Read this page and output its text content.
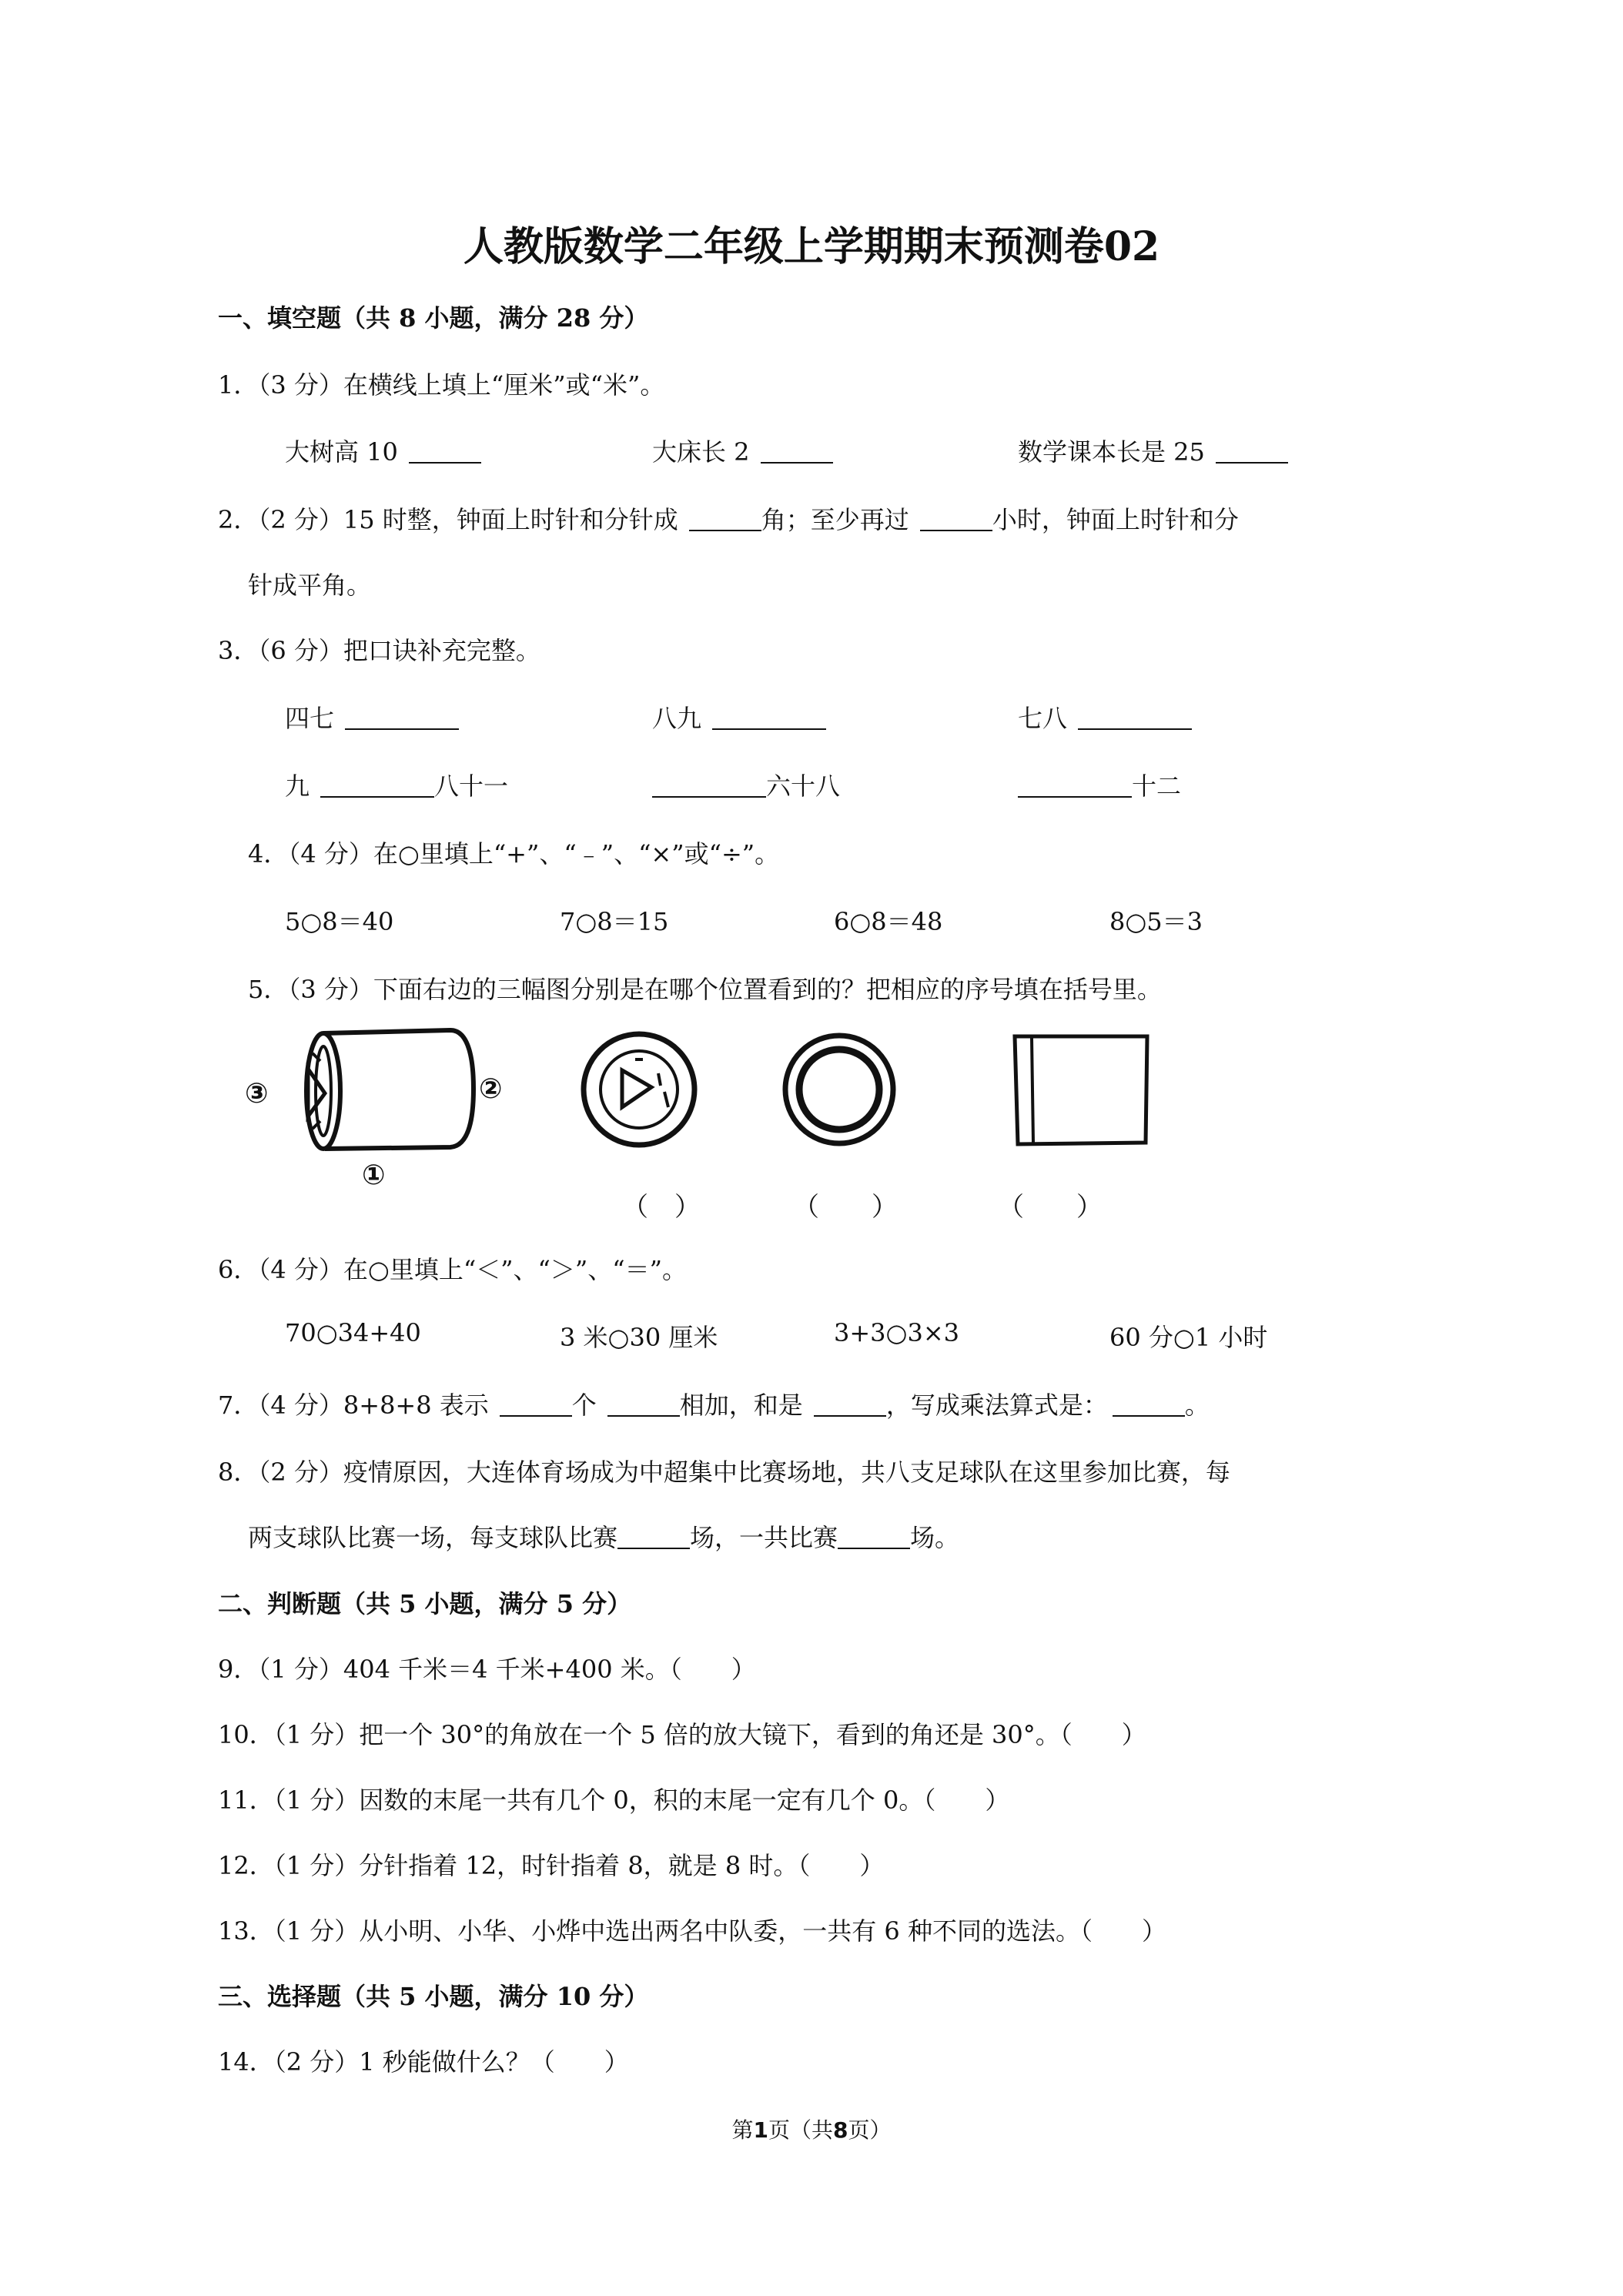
人教版数学二年级上学期期末预测卷02
一、填空题（共 8 小题，满分 28 分）
1．（3 分）在横线上填上“厘米”或“米”。
大树高 10	大床长 2	数学课本长是 25
2．（2 分）15 时整，钟面上时针和分针成	角；至少再过	小时，钟面上时针和分
针成平角。
3．（6 分）把口诀补充完整。
四七	八九	七八
九	八十一	六十八	十二
4．（4 分）在○里填上“+”、“﹣”、“×”或“÷”。
5○8＝40	7○8＝15	6○8＝48	8○5＝3
5．（3 分）下面右边的三幅图分别是在哪个位置看到的？把相应的序号填在括号里。
③	②
①
（　）	（　　）	（　　）
6．（4 分）在○里填上“＜”、“＞”、“＝”。
70○34+40	3 米○30 厘米	3+3○3×3	60 分○1 小时
7．（4 分）8+8+8 表示	个	相加，和是	，写成乘法算式是：	。
8．（2 分）疫情原因，大连体育场成为中超集中比赛场地，共八支足球队在这里参加比赛，每
两支球队比赛一场，每支球队比赛	场，一共比赛	场。
二、判断题（共 5 小题，满分 5 分）
9．（1 分）404 千米＝4 千米+400 米。（　　）
10．（1 分）把一个 30°的角放在一个 5 倍的放大镜下，看到的角还是 30°。（　　）
11．（1 分）因数的末尾一共有几个 0，积的末尾一定有几个 0。（　　）
12．（1 分）分针指着 12，时针指着 8，就是 8 时。（　　）
13．（1 分）从小明、小华、小烨中选出两名中队委，一共有 6 种不同的选法。（　　）
三、选择题（共 5 小题，满分 10 分）
14．（2 分）1 秒能做什么？（　　）
第1页（共8页）
